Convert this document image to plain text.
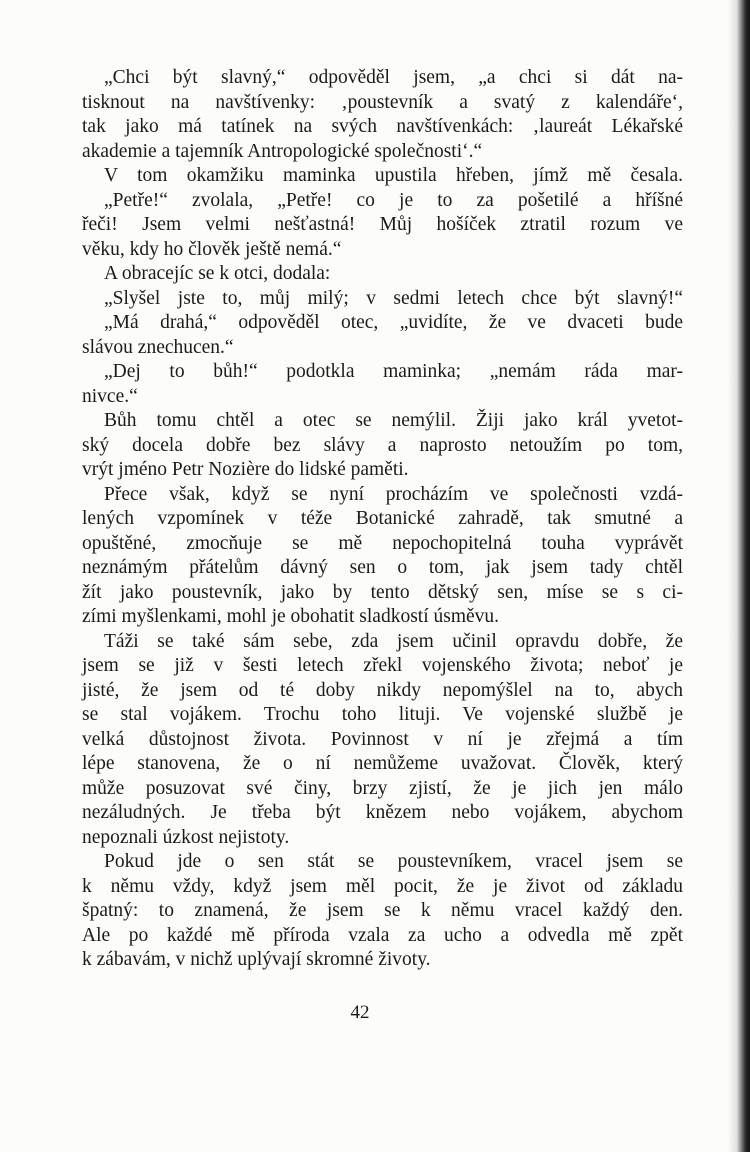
„Chci být slavný,“ odpověděl jsem, „a chci si dát na-
tisknout na navštívenky: ‚poustevník a svatý z kalendáře‘,
tak jako má tatínek na svých navštívenkách: ‚laureát Lékařské
akademie a tajemník Antropologické společnosti‘.“
V tom okamžiku maminka upustila hřeben, jímž mě česala.
„Petře!“ zvolala, „Petře! co je to za pošetilé a hříšné
řeči! Jsem velmi nešťastná! Můj hošíček ztratil rozum ve
věku, kdy ho člověk ještě nemá.“
A obracejíc se k otci, dodala:
„Slyšel jste to, můj milý; v sedmi letech chce být slavný!“
„Má drahá,“ odpověděl otec, „uvidíte, že ve dvaceti bude
slávou znechucen.“
„Dej to bůh!“ podotkla maminka; „nemám ráda mar-
nivce.“
Bůh tomu chtěl a otec se nemýlil. Žiji jako král yvetot-
ský docela dobře bez slávy a naprosto netoužím po tom,
vrýt jméno Petr Nozière do lidské paměti.
Přece však, když se nyní procházím ve společnosti vzdá-
lených vzpomínek v téže Botanické zahradě, tak smutné a
opuštěné, zmocňuje se mě nepochopitelná touha vyprávět
neznámým přátelům dávný sen o tom, jak jsem tady chtěl
žít jako poustevník, jako by tento dětský sen, míse se s ci-
zími myšlenkami, mohl je obohatit sladkostí úsměvu.
Táži se také sám sebe, zda jsem učinil opravdu dobře, že
jsem se již v šesti letech zřekl vojenského života; neboť je
jisté, že jsem od té doby nikdy nepomýšlel na to, abych
se stal vojákem. Trochu toho lituji. Ve vojenské službě je
velká důstojnost života. Povinnost v ní je zřejmá a tím
lépe stanovena, že o ní nemůžeme uvažovat. Člověk, který
může posuzovat své činy, brzy zjistí, že je jich jen málo
nezáludných. Je třeba být knězem nebo vojákem, abychom
nepoznali úzkost nejistoty.
Pokud jde o sen stát se poustevníkem, vracel jsem se
k němu vždy, když jsem měl pocit, že je život od základu
špatný: to znamená, že jsem se k němu vracel každý den.
Ale po každé mě příroda vzala za ucho a odvedla mě zpět
k zábavám, v nichž uplývají skromné životy.
42
